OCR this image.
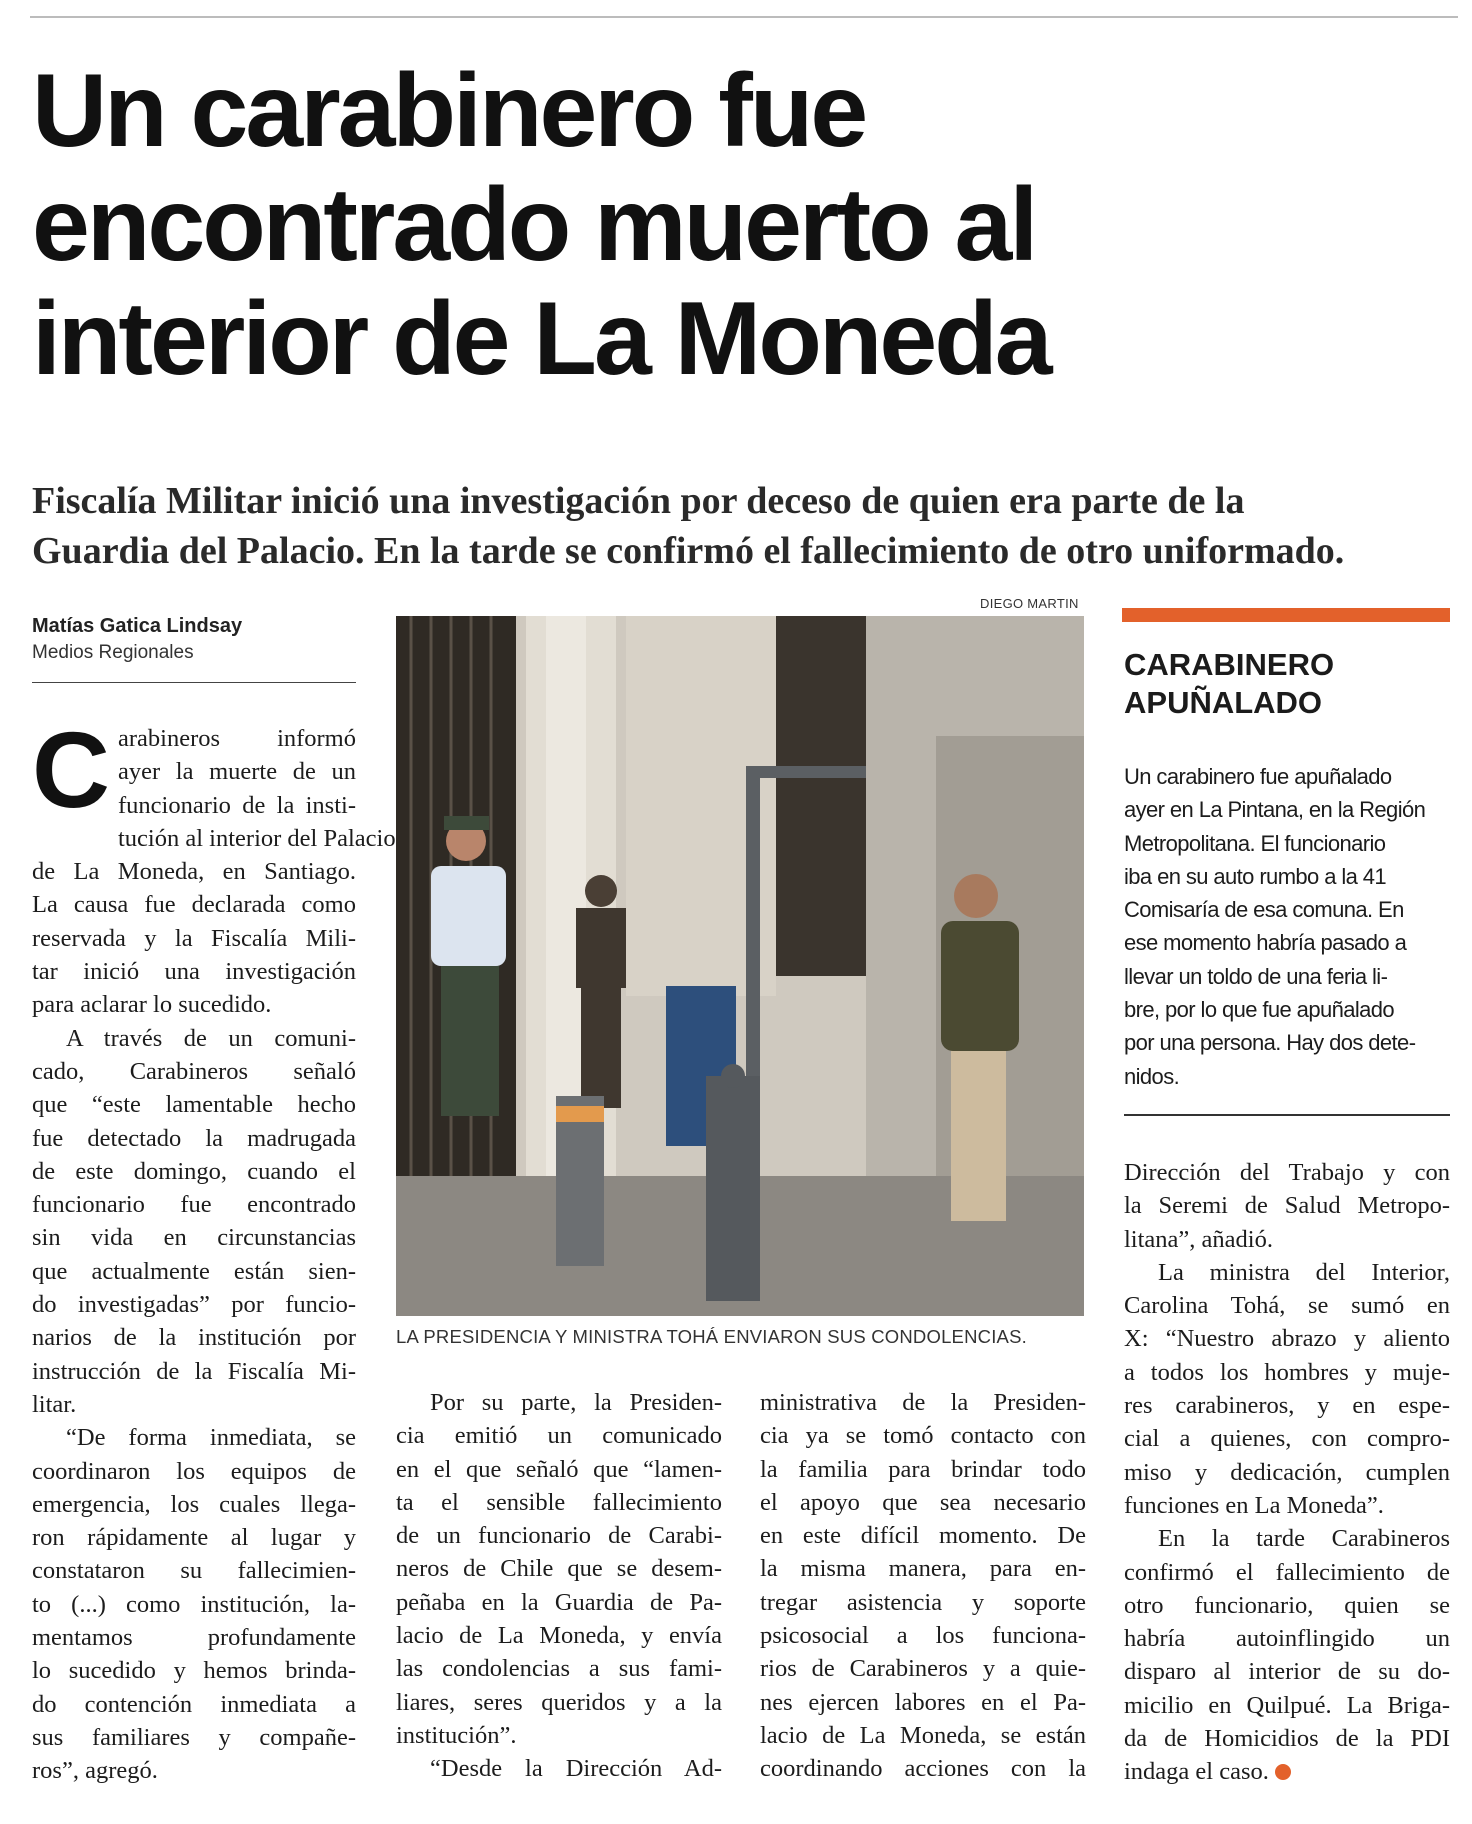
Un carabinero fue
encontrado muerto al
interior de La Moneda
Fiscalía Militar inició una investigación por deceso de quien era parte de la
Guardia del Palacio. En la tarde se confirmó el fallecimiento de otro uniformado.
Matías Gatica Lindsay
Medios Regionales
C arabineros informó
ayer la muerte de un
funcionario de la insti-
tución al interior del Palacio
de La Moneda, en Santiago.
La causa fue declarada como
reservada y la Fiscalía Mili-
tar inició una investigación
para aclarar lo sucedido.
A través de un comuni-
cado, Carabineros señaló
que “este lamentable hecho
fue detectado la madrugada
de este domingo, cuando el
funcionario fue encontrado
sin vida en circunstancias
que actualmente están sien-
do investigadas” por funcio-
narios de la institución por
instrucción de la Fiscalía Mi-
litar.
“De forma inmediata, se
coordinaron los equipos de
emergencia, los cuales llega-
ron rápidamente al lugar y
constataron su fallecimien-
to (...) como institución, la-
mentamos profundamente
lo sucedido y hemos brinda-
do contención inmediata a
sus familiares y compañe-
ros”, agregó.
DIEGO MARTIN
LA PRESIDENCIA Y MINISTRA TOHÁ ENVIARON SUS CONDOLENCIAS.
Por su parte, la Presiden-
cia emitió un comunicado
en el que señaló que “lamen-
ta el sensible fallecimiento
de un funcionario de Carabi-
neros de Chile que se desem-
peñaba en la Guardia de Pa-
lacio de La Moneda, y envía
las condolencias a sus fami-
liares, seres queridos y a la
institución”.
“Desde la Dirección Ad-
ministrativa de la Presiden-
cia ya se tomó contacto con
la familia para brindar todo
el apoyo que sea necesario
en este difícil momento. De
la misma manera, para en-
tregar asistencia y soporte
psicosocial a los funciona-
rios de Carabineros y a quie-
nes ejercen labores en el Pa-
lacio de La Moneda, se están
coordinando acciones con la
CARABINERO
APUÑALADO
Un carabinero fue apuñalado
ayer en La Pintana, en la Región
Metropolitana. El funcionario
iba en su auto rumbo a la 41
Comisaría de esa comuna. En
ese momento habría pasado a
llevar un toldo de una feria li-
bre, por lo que fue apuñalado
por una persona. Hay dos dete-
nidos.
Dirección del Trabajo y con
la Seremi de Salud Metropo-
litana”, añadió.
La ministra del Interior,
Carolina Tohá, se sumó en
X: “Nuestro abrazo y aliento
a todos los hombres y muje-
res carabineros, y en espe-
cial a quienes, con compro-
miso y dedicación, cumplen
funciones en La Moneda”.
En la tarde Carabineros
confirmó el fallecimiento de
otro funcionario, quien se
habría autoinflingido un
disparo al interior de su do-
micilio en Quilpué. La Briga-
da de Homicidios de la PDI
indaga el caso.
